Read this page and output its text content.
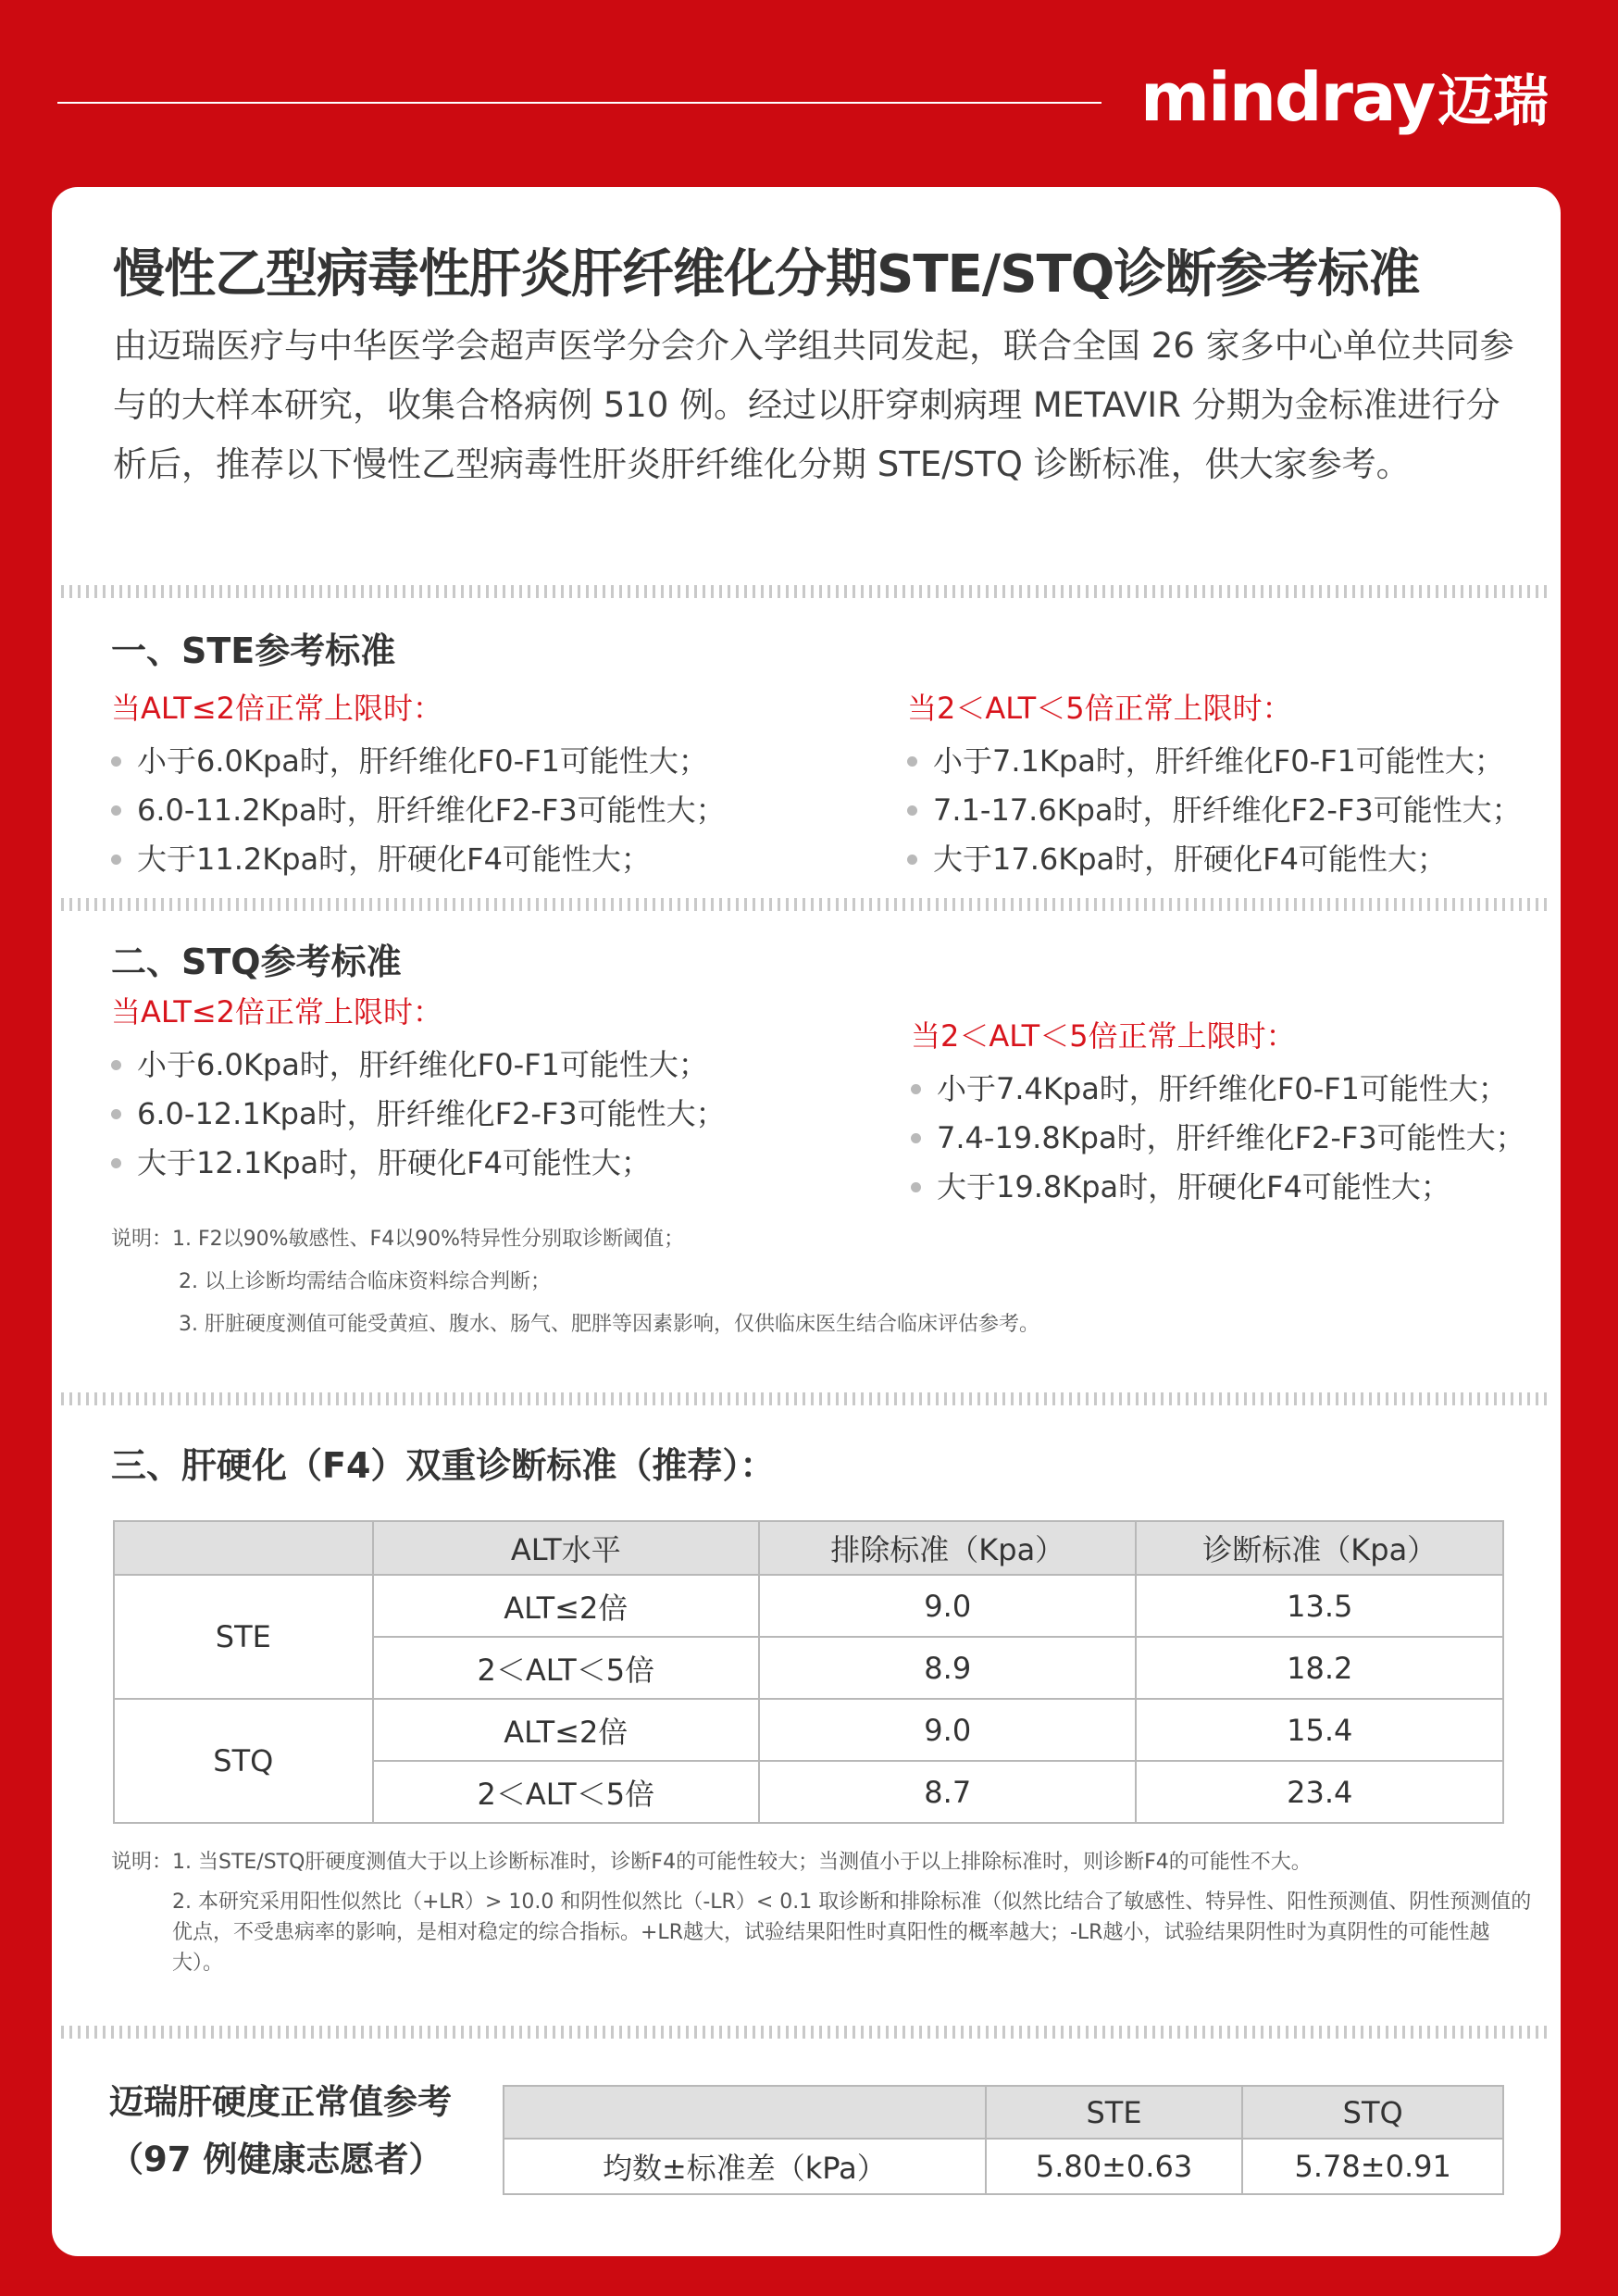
mindray迈瑞
慢性乙型病毒性肝炎肝纤维化分期STE/STQ诊断参考标准
由迈瑞医疗与中华医学会超声医学分会介入学组共同发起，联合全国 26 家多中心单位共同参与的大样本研究，收集合格病例 510 例。经过以肝穿刺病理 METAVIR 分期为金标准进行分析后，推荐以下慢性乙型病毒性肝炎肝纤维化分期 STE/STQ 诊断标准，供大家参考。
一、STE参考标准
当ALT≤2倍正常上限时：
小于6.0Kpa时，肝纤维化F0-F1可能性大；
6.0-11.2Kpa时，肝纤维化F2-F3可能性大；
大于11.2Kpa时，肝硬化F4可能性大；
当2＜ALT＜5倍正常上限时：
小于7.1Kpa时，肝纤维化F0-F1可能性大；
7.1-17.6Kpa时，肝纤维化F2-F3可能性大；
大于17.6Kpa时，肝硬化F4可能性大；
二、STQ参考标准
当ALT≤2倍正常上限时：
小于6.0Kpa时，肝纤维化F0-F1可能性大；
6.0-12.1Kpa时，肝纤维化F2-F3可能性大；
大于12.1Kpa时，肝硬化F4可能性大；
当2＜ALT＜5倍正常上限时：
小于7.4Kpa时，肝纤维化F0-F1可能性大；
7.4-19.8Kpa时，肝纤维化F2-F3可能性大；
大于19.8Kpa时，肝硬化F4可能性大；
说明：1. F2以90%敏感性、F4以90%特异性分别取诊断阈值；
2. 以上诊断均需结合临床资料综合判断；
3. 肝脏硬度测值可能受黄疸、腹水、肠气、肥胖等因素影响，仅供临床医生结合临床评估参考。
三、肝硬化（F4）双重诊断标准（推荐）：
	ALT水平	排除标准（Kpa）	诊断标准（Kpa）
STE	ALT≤2倍	9.0	13.5
	2＜ALT＜5倍	8.9	18.2
STQ	ALT≤2倍	9.0	15.4
	2＜ALT＜5倍	8.7	23.4
说明：1. 当STE/STQ肝硬度测值大于以上诊断标准时，诊断F4的可能性较大；当测值小于以上排除标准时，则诊断F4的可能性不大。
2. 本研究采用阳性似然比（+LR）> 10.0 和阴性似然比（-LR）< 0.1 取诊断和排除标准（似然比结合了敏感性、特异性、阳性预测值、阴性预测值的优点，不受患病率的影响，是相对稳定的综合指标。+LR越大，试验结果阳性时真阳性的概率越大；-LR越小，试验结果阴性时为真阴性的可能性越大）。
迈瑞肝硬度正常值参考
（97 例健康志愿者）
	STE	STQ
均数±标准差（kPa）	5.80±0.63	5.78±0.91
